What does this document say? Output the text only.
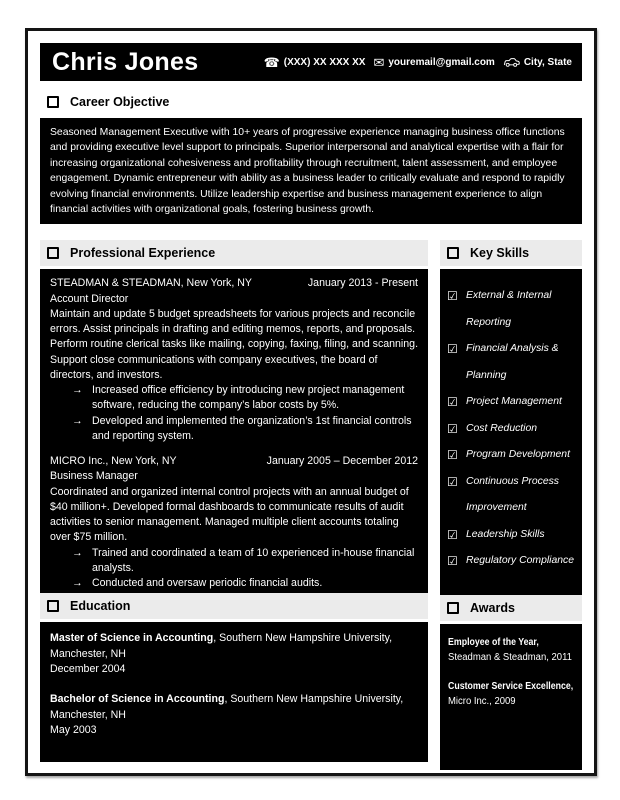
Chris Jones	☎ (XXX) XX XXX XX ✉ youremail@gmail.com	City, State
Career Objective

Seasoned Management Executive with 10+ years of progressive experience managing business office functions and providing executive level support to principals. Superior interpersonal and analytical expertise with a flair for increasing organizational cohesiveness and profitability through recruitment, talent assessment, and employee engagement. Dynamic entrepreneur with ability as a business leader to critically evaluate and respond to rapidly evolving financial environments. Utilize leadership expertise and business management experience to align financial activities with organizational goals, fostering business growth.

Professional Experience
STEADMAN & STEADMAN, New York, NY	January 2013 - Present
Account Director

Maintain and update 5 budget spreadsheets for various projects and reconcile errors. Assist principals in drafting and editing memos, reports, and proposals. Perform routine clerical tasks like mailing, copying, faxing, filing, and scanning. Support close communications with company executives, the board of directors, and investors.

→ Increased office efficiency by introducing new project management software, reducing the company’s labor costs by 5%.
→ Developed and implemented the organization’s 1st financial controls and reporting system.
MICRO Inc., New York, NY	January 2005 – December 2012
Business Manager

Coordinated and organized internal control projects with an annual budget of $40 million+. Developed formal dashboards to communicate results of audit activities to senior management. Managed multiple client accounts totaling over $75 million.

→ Trained and coordinated a team of 10 experienced in-house financial analysts.
→ Conducted and oversaw periodic financial audits.
Education
Master of Science in Accounting, Southern New Hampshire University, Manchester, NH
December 2004
Bachelor of Science in Accounting, Southern New Hampshire University, Manchester, NH
May 2003
Key Skills
☑ External & Internal Reporting
☑ Financial Analysis & Planning
☑ Project Management
☑ Cost Reduction
☑ Program Development
☑ Continuous Process Improvement
☑ Leadership Skills
☑ Regulatory Compliance
Awards
Employee of the Year,
Steadman & Steadman, 2011
Customer Service Excellence,
Micro Inc., 2009
